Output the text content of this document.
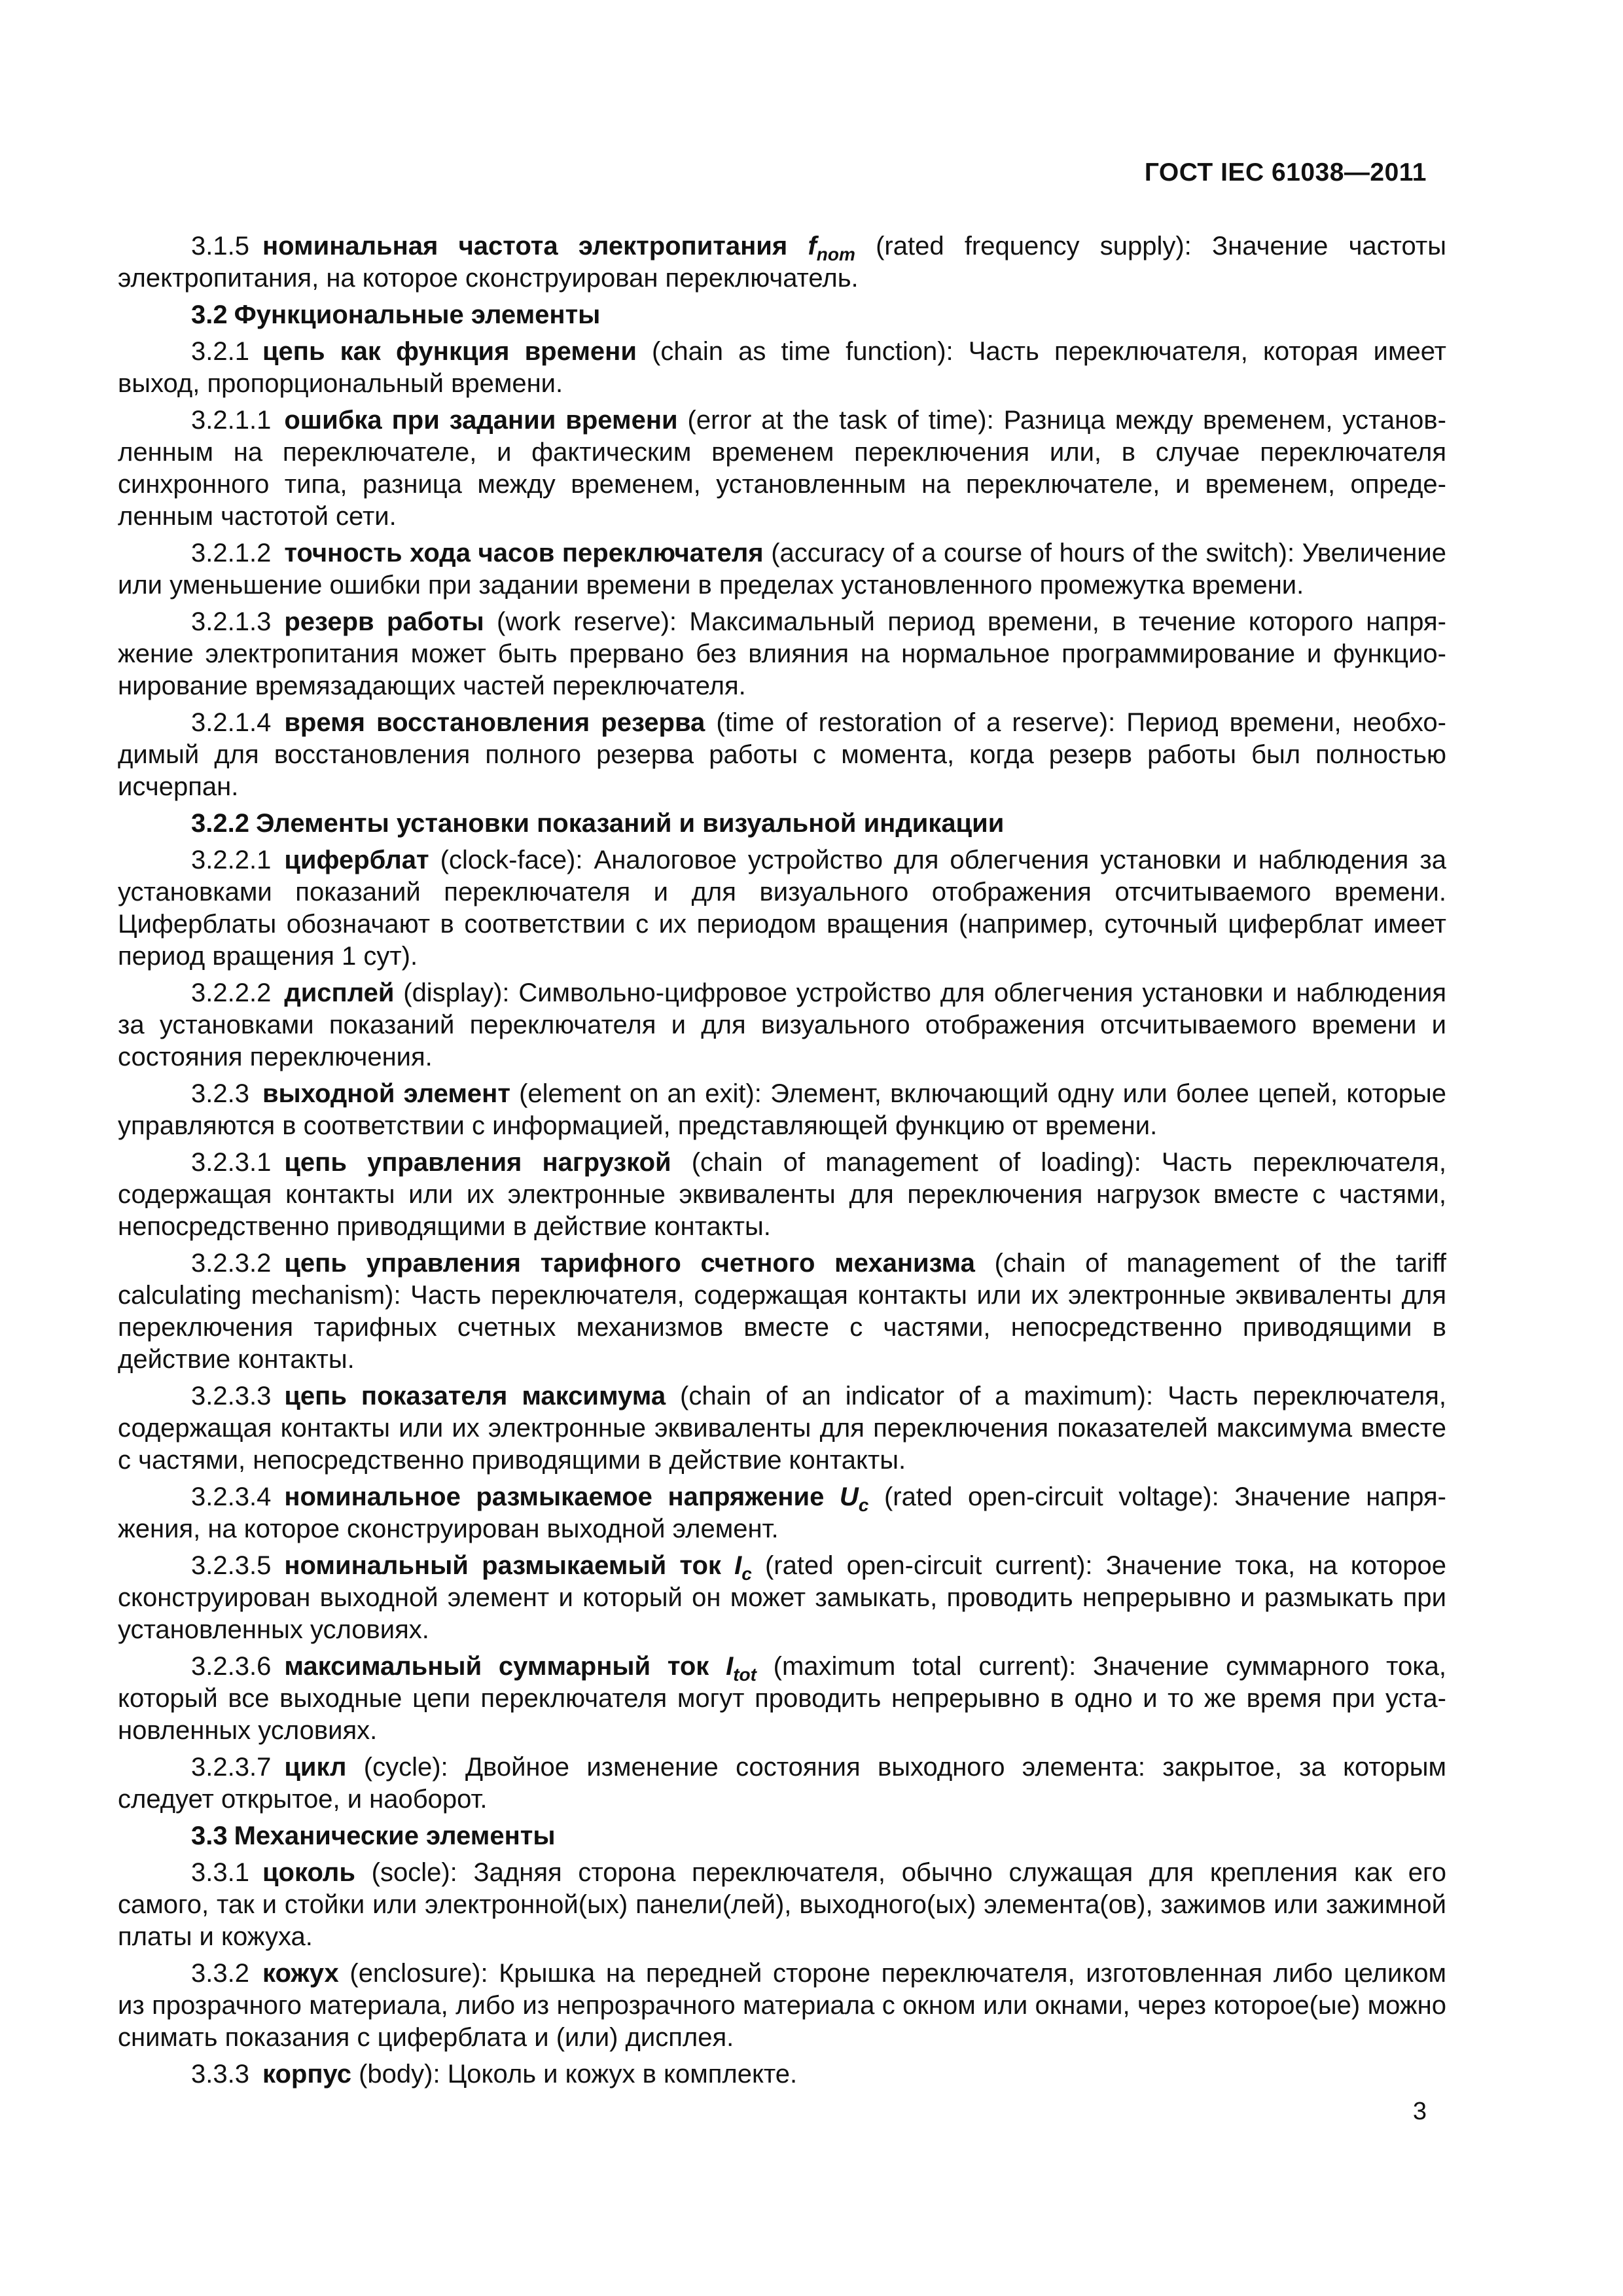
ГОСТ IEC 61038—2011

3.1.5 номинальная частота электропитания $f_{nom}$ (rated frequency supply): Значение частоты электропитания, на которое сконструирован переключатель.

3.2 Функциональные элементы

3.2.1 цепь как функция времени (chain as time function): Часть переключателя, которая имеет выход, пропорциональный времени.

3.2.1.1 ошибка при задании времени (error at the task of time): Разница между временем, установленным на переключателе, и фактическим временем переключения или, в случае переключателя синхронного типа, разница между временем, установленным на переключателе, и временем, определенным частотой сети.

3.2.1.2 точность хода часов переключателя (accuracy of a course of hours of the switch): Увеличение или уменьшение ошибки при задании времени в пределах установленного промежутка времени.

3.2.1.3 резерв работы (work reserve): Максимальный период времени, в течение которого напряжение электропитания может быть прервано без влияния на нормальное программирование и функционирование времязадающих частей переключателя.

3.2.1.4 время восстановления резерва (time of restoration of a reserve): Период времени, необходимый для восстановления полного резерва работы с момента, когда резерв работы был полностью исчерпан.

3.2.2 Элементы установки показаний и визуальной индикации

3.2.2.1 циферблат (clock-face): Аналоговое устройство для облегчения установки и наблюдения за установками показаний переключателя и для визуального отображения отсчитываемого времени. Циферблаты обозначают в соответствии с их периодом вращения (например, суточный циферблат имеет период вращения 1 сут).

3.2.2.2 дисплей (display): Символьно-цифровое устройство для облегчения установки и наблюдения за установками показаний переключателя и для визуального отображения отсчитываемого времени и состояния переключения.

3.2.3 выходной элемент (element on an exit): Элемент, включающий одну или более цепей, которые управляются в соответствии с информацией, представляющей функцию от времени.

3.2.3.1 цепь управления нагрузкой (chain of management of loading): Часть переключателя, содержащая контакты или их электронные эквиваленты для переключения нагрузок вместе с частями, непосредственно приводящими в действие контакты.

3.2.3.2 цепь управления тарифного счетного механизма (chain of management of the tariff calculating mechanism): Часть переключателя, содержащая контакты или их электронные эквиваленты для переключения тарифных счетных механизмов вместе с частями, непосредственно приводящими в действие контакты.

3.2.3.3 цепь показателя максимума (chain of an indicator of a maximum): Часть переключателя, содержащая контакты или их электронные эквиваленты для переключения показателей максимума вместе с частями, непосредственно приводящими в действие контакты.

3.2.3.4 номинальное размыкаемое напряжение $U_c$ (rated open-circuit voltage): Значение напряжения, на которое сконструирован выходной элемент.

3.2.3.5 номинальный размыкаемый ток $I_c$ (rated open-circuit current): Значение тока, на которое сконструирован выходной элемент и который он может замыкать, проводить непрерывно и размыкать при установленных условиях.

3.2.3.6 максимальный суммарный ток $I_{tot}$ (maximum total current): Значение суммарного тока, который все выходные цепи переключателя могут проводить непрерывно в одно и то же время при установленных условиях.

3.2.3.7 цикл (cycle): Двойное изменение состояния выходного элемента: закрытое, за которым следует открытое, и наоборот.

3.3 Механические элементы

3.3.1 цоколь (socle): Задняя сторона переключателя, обычно служащая для крепления как его самого, так и стойки или электронной(ых) панели(лей), выходного(ых) элемента(ов), зажимов или зажимной платы и кожуха.

3.3.2 кожух (enclosure): Крышка на передней стороне переключателя, изготовленная либо целиком из прозрачного материала, либо из непрозрачного материала с окном или окнами, через которое(ые) можно снимать показания с циферблата и (или) дисплея.

3.3.3 корпус (body): Цоколь и кожух в комплекте.

3
